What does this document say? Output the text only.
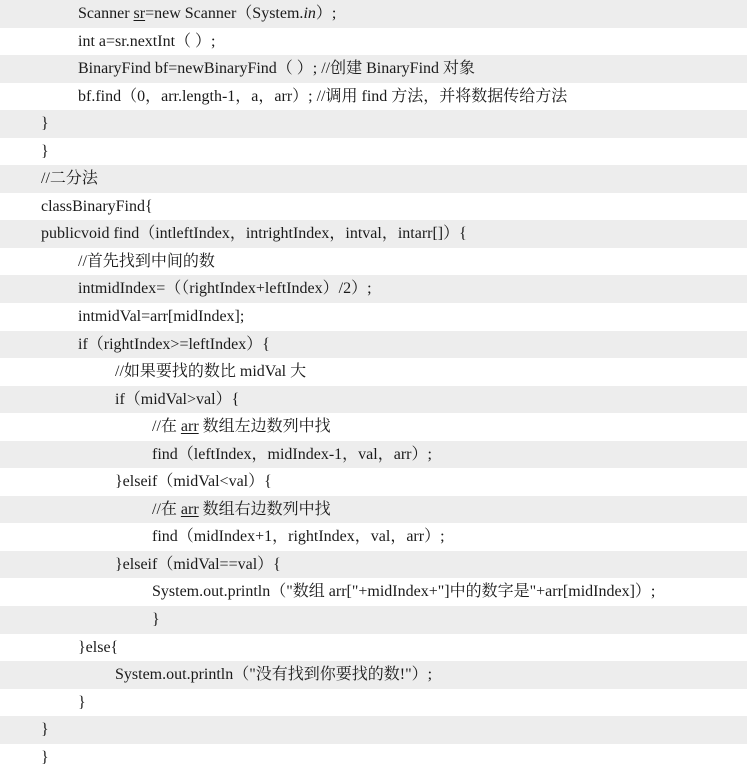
Scanner sr=new Scanner（System.in）;
int a=sr.nextInt（ ）;
BinaryFind bf=newBinaryFind（ ）; //创建 BinaryFind 对象
bf.find（0，arr.length-1，a，arr）; //调用 find 方法，并将数据传给方法
}
}
//二分法
classBinaryFind{
publicvoid find（intleftIndex，intrightIndex，intval，intarr[]）{
//首先找到中间的数
intmidIndex=（（rightIndex+leftIndex）/2）;
intmidVal=arr[midIndex];
if（rightIndex>=leftIndex）{
//如果要找的数比 midVal 大
if（midVal>val）{
//在 arr 数组左边数列中找
find（leftIndex，midIndex-1，val，arr）;
}elseif（midVal<val）{
//在 arr 数组右边数列中找
find（midIndex+1，rightIndex，val，arr）;
}elseif（midVal==val）{
System.out.println（"数组 arr["+midIndex+"]中的数字是"+arr[midIndex]）;
}
}else{
System.out.println（"没有找到你要找的数!"）;
}
}
}
